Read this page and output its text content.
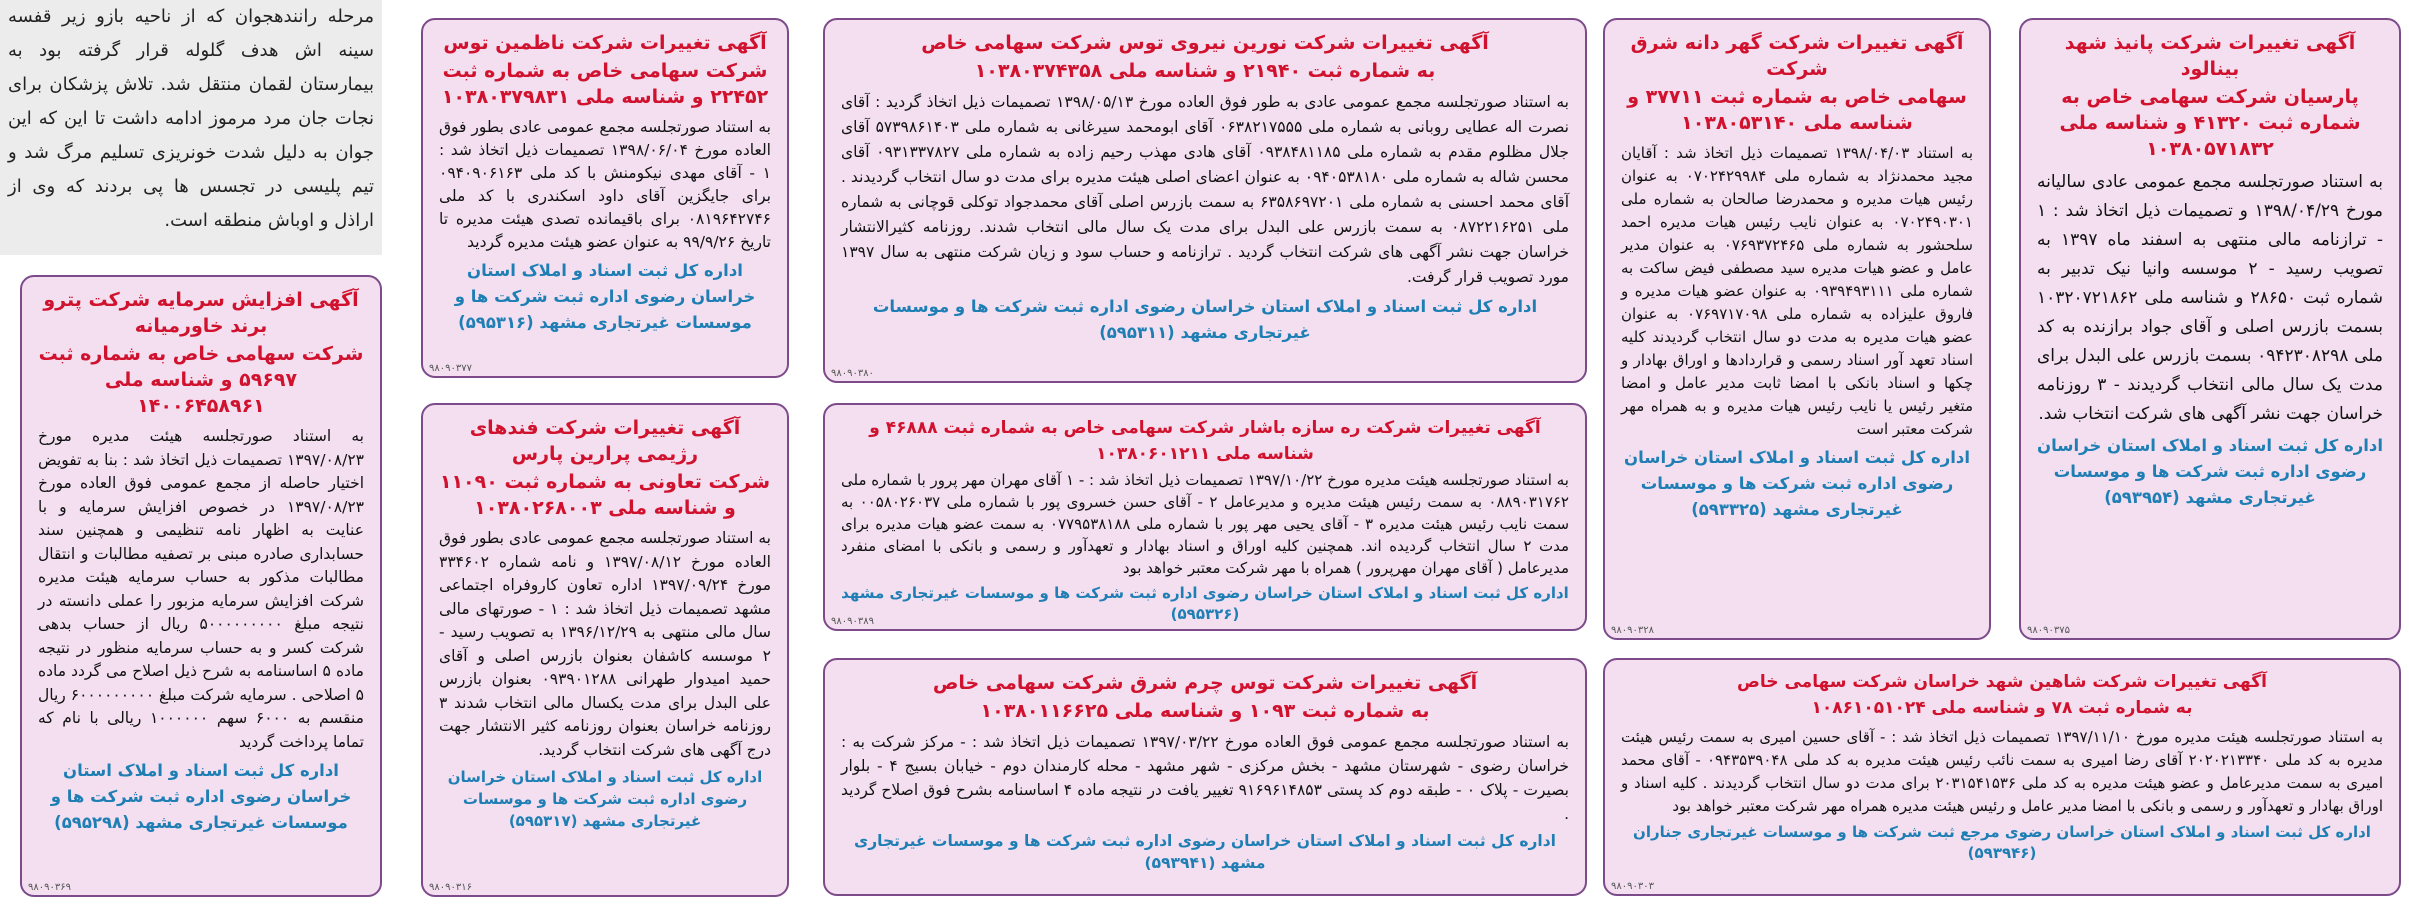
مرحله رانندهجوان که از ناحیه بازو زیر قفسه سینه اش هدف گلوله قرار گرفته بود به بیمارستان لقمان منتقل شد. تلاش پزشکان برای نجات جان مرد مرموز ادامه داشت تا این که این جوان به دلیل شدت خونریزی تسلیم مرگ شد و تیم پلیسی در تجسس ها پی بردند که وی از اراذل و اوباش منطقه است.

آگهی تغییرات شرکت پانیذ شهد بینالود

پارسیان شرکت سهامی خاص به شماره ثبت ۴۱۳۲۰ و شناسه ملی ۱۰۳۸۰۵۷۱۸۳۲

به استناد صورتجلسه مجمع عمومی عادی سالیانه مورخ ۱۳۹۸/۰۴/۲۹ و تصمیمات ذیل اتخاذ شد : ۱ - ترازنامه مالی منتهی به اسفند ماه ۱۳۹۷ به تصویب رسید - ۲ موسسه وانیا نیک تدبیر به شماره ثبت ۲۸۶۵۰ و شناسه ملی ۱۰۳۲۰۷۲۱۸۶۲ بسمت بازرس اصلی و آقای جواد برازنده به کد ملی ۰۹۴۲۳۰۸۲۹۸ بسمت بازرس علی البدل برای مدت یک سال مالی انتخاب گردیدند - ۳ روزنامه خراسان جهت نشر آگهی های شرکت انتخاب شد.

اداره کل ثبت اسناد و املاک استان خراسان رضوی اداره ثبت شرکت ها و موسسات غیرتجاری مشهد (۵۹۳۹۵۴)

۹۸۰۹۰۳۷۵
آگهی تغییرات شرکت گهر دانه شرق شرکت

سهامی خاص به شماره ثبت ۳۷۷۱۱ و شناسه ملی ۱۰۳۸۰۵۳۱۴۰

به استناد ۱۳۹۸/۰۴/۰۳ تصمیمات ذیل اتخاذ شد : آقایان مجید محمدنژاد به شماره ملی ۰۷۰۲۴۲۹۹۸۴ به عنوان رئیس هیات مدیره و محمدرضا صالحان به شماره ملی ۰۷۰۲۴۹۰۳۰۱ به عنوان نایب رئیس هیات مدیره احمد سلحشور به شماره ملی ۰۷۶۹۳۷۲۴۶۵ به عنوان مدیر عامل و عضو هیات مدیره سید مصطفی فیض ساکت به شماره ملی ۰۹۳۹۴۹۳۱۱۱ به عنوان عضو هیات مدیره و فاروق علیزاده به شماره ملی ۰۷۶۹۷۱۷۰۹۸ به عنوان عضو هیات مدیره به مدت دو سال انتخاب گردیدند کلیه اسناد تعهد آور اسناد رسمی و قراردادها و اوراق بهادار و چکها و اسناد بانکی با امضا ثابت مدیر عامل و امضا متغیر رئیس یا نایب رئیس هیات مدیره و به همراه مهر شرکت معتبر است

اداره کل ثبت اسناد و املاک استان خراسان رضوی اداره ثبت شرکت ها و موسسات غیرتجاری مشهد (۵۹۳۳۲۵)

۹۸۰۹۰۳۲۸
آگهی تغییرات شرکت نورین نیروی توس شرکت سهامی خاص

به شماره ثبت ۲۱۹۴۰ و شناسه ملی ۱۰۳۸۰۳۷۴۳۵۸

به استناد صورتجلسه مجمع عمومی عادی به طور فوق العاده مورخ ۱۳۹۸/۰۵/۱۳ تصمیمات ذیل اتخاذ گردید : آقای نصرت اله عطایی روبانی به شماره ملی ۰۶۳۸۲۱۷۵۵۵ آقای ابومحمد سیرغانی به شماره ملی ۵۷۳۹۸۶۱۴۰۳ آقای جلال مظلوم مقدم به شماره ملی ۰۹۳۸۴۸۱۱۸۵ آقای هادی مهذب رحیم زاده به شماره ملی ۰۹۳۱۳۳۷۸۲۷ آقای محسن شاله به شماره ملی ۰۹۴۰۵۳۸۱۸۰ به عنوان اعضای اصلی هیئت مدیره برای مدت دو سال انتخاب گردیدند . آقای محمد احسنی به شماره ملی ۶۳۵۸۶۹۷۲۰۱ به سمت بازرس اصلی آقای محمدجواد توکلی قوچانی به شماره ملی ۰۸۷۲۲۱۶۲۵۱ به سمت بازرس علی البدل برای مدت یک سال مالی انتخاب شدند. روزنامه کثیرالانتشار خراسان جهت نشر آگهی های شرکت انتخاب گردید . ترازنامه و حساب سود و زیان شرکت منتهی به سال ۱۳۹۷ مورد تصویب قرار گرفت.

اداره کل ثبت اسناد و املاک استان خراسان رضوی اداره ثبت شرکت ها و موسسات غیرتجاری مشهد (۵۹۵۳۱۱)

۹۸۰۹۰۳۸۰
آگهی تغییرات شرکت ناظمین توس

شرکت سهامی خاص به شماره ثبت ۲۲۴۵۲ و شناسه ملی ۱۰۳۸۰۳۷۹۸۳۱

به استناد صورتجلسه مجمع عمومی عادی بطور فوق العاده مورخ ۱۳۹۸/۰۶/۰۴ تصمیمات ذیل اتخاذ شد : ۱ - آقای مهدی نیکومنش با کد ملی ۰۹۴۰۹۰۶۱۶۳ برای جایگزین آقای داود اسکندری با کد ملی ۰۸۱۹۶۴۲۷۴۶ برای باقیمانده تصدی هیئت مدیره تا تاریخ ۹۹/۹/۲۶ به عنوان عضو هیئت مدیره گردید

اداره کل ثبت اسناد و املاک استان خراسان رضوی اداره ثبت شرکت ها و موسسات غیرتجاری مشهد (۵۹۵۳۱۶)

۹۸۰۹۰۳۷۷
آگهی افزایش سرمایه شرکت پترو برند خاورمیانه

شرکت سهامی خاص به شماره ثبت ۵۹۶۹۷ و شناسه ملی ۱۴۰۰۶۴۵۸۹۶۱

به استناد صورتجلسه هیئت مدیره مورخ ۱۳۹۷/۰۸/۲۳ تصمیمات ذیل اتخاذ شد : بنا به تفویض اختیار حاصله از مجمع عمومی فوق العاده مورخ ۱۳۹۷/۰۸/۲۳ در خصوص افزایش سرمایه و با عنایت به اظهار نامه تنظیمی و همچنین سند حسابداری صادره مبنی بر تصفیه مطالبات و انتقال مطالبات مذکور به حساب سرمایه هیئت مدیره شرکت افزایش سرمایه مزبور را عملی دانسته در نتیجه مبلغ ۵۰۰۰۰۰۰۰۰۰ ریال از حساب بدهی شرکت کسر و به حساب سرمایه منظور در نتیجه ماده ۵ اساسنامه به شرح ذیل اصلاح می گردد ماده ۵ اصلاحی . سرمایه شرکت مبلغ ۶۰۰۰۰۰۰۰۰۰ ریال منقسم به ۶۰۰۰ سهم ۱۰۰۰۰۰۰ ریالی با نام که تماما پرداخت گردید

اداره کل ثبت اسناد و املاک استان خراسان رضوی اداره ثبت شرکت ها و موسسات غیرتجاری مشهد (۵۹۵۲۹۸)

۹۸۰۹۰۳۶۹
آگهی تغییرات شرکت ره سازه باشار شرکت سهامی خاص به شماره ثبت ۴۶۸۸۸ و شناسه ملی ۱۰۳۸۰۶۰۱۲۱۱

به استناد صورتجلسه هیئت مدیره مورخ ۱۳۹۷/۱۰/۲۲ تصمیمات ذیل اتخاذ شد : - ۱ آقای مهران مهر پرور با شماره ملی ۰۸۸۹۰۳۱۷۶۲ به سمت رئیس هیئت مدیره و مدیرعامل ۲ - آقای حسن خسروی پور با شماره ملی ۰۰۵۸۰۲۶۰۳۷ به سمت نایب رئیس هیئت مدیره ۳ - آقای یحیی مهر پور با شماره ملی ۰۷۷۹۵۳۸۱۸۸ به سمت عضو هیات مدیره برای مدت ۲ سال انتخاب گردیده اند. همچنین کلیه اوراق و اسناد بهادار و تعهدآور و رسمی و بانکی با امضای منفرد مدیرعامل ( آقای مهران مهرپرور ) همراه با مهر شرکت معتبر خواهد بود

اداره کل ثبت اسناد و املاک استان خراسان رضوی اداره ثبت شرکت ها و موسسات غیرتجاری مشهد (۵۹۵۳۲۶)

۹۸۰۹۰۳۸۹
آگهی تغییرات شرکت فندهای رژیمی پرارین پارس

شرکت تعاونی به شماره ثبت ۱۱۰۹۰ و شناسه ملی ۱۰۳۸۰۲۶۸۰۰۳

به استناد صورتجلسه مجمع عمومی عادی بطور فوق العاده مورخ ۱۳۹۷/۰۸/۱۲ و نامه شماره ۳۳۴۶۰۲ مورخ ۱۳۹۷/۰۹/۲۴ اداره تعاون کاروفراه اجتماعی مشهد تصمیمات ذیل اتخاذ شد : ۱ - صورتهای مالی سال مالی منتهی به ۱۳۹۶/۱۲/۲۹ به تصویب رسید - ۲ موسسه کاشفان بعنوان بازرس اصلی و آقای حمید امیدوار طهرانی ۰۹۳۹۰۱۲۸۸ بعنوان بازرس علی البدل برای مدت یکسال مالی انتخاب شدند ۳ روزنامه خراسان بعنوان روزنامه کثیر الانتشار جهت درج آگهی های شرکت انتخاب گردید.

اداره کل ثبت اسناد و املاک استان خراسان رضوی اداره ثبت شرکت ها و موسسات غیرتجاری مشهد (۵۹۵۳۱۷)

۹۸۰۹۰۳۱۶
آگهی تغییرات شرکت توس چرم شرق شرکت سهامی خاص

به شماره ثبت ۱۰۹۳ و شناسه ملی ۱۰۳۸۰۱۱۶۶۲۵

به استناد صورتجلسه مجمع عمومی فوق العاده مورخ ۱۳۹۷/۰۳/۲۲ تصمیمات ذیل اتخاذ شد : - مرکز شرکت به : خراسان رضوی - شهرستان مشهد - بخش مرکزی - شهر مشهد - محله کارمندان دوم - خیابان بسیج ۴ - بلوار بصیرت - پلاک ۰ - طبقه دوم کد پستی ۹۱۶۹۶۱۴۸۵۳ تغییر یافت در نتیجه ماده ۴ اساسنامه بشرح فوق اصلاح گردید .

اداره کل ثبت اسناد و املاک استان خراسان رضوی اداره ثبت شرکت ها و موسسات غیرتجاری مشهد (۵۹۳۹۴۱)

آگهی تغییرات شرکت شاهین شهد خراسان شرکت سهامی خاص

به شماره ثبت ۷۸ و شناسه ملی ۱۰۸۶۱۰۵۱۰۲۴

به استناد صورتجلسه هیئت مدیره مورخ ۱۳۹۷/۱۱/۱۰ تصمیمات ذیل اتخاذ شد : - آقای حسین امیری به سمت رئیس هیئت مدیره به کد ملی ۲۰۲۰۲۱۳۳۴۰ آقای رضا امیری به سمت نائب رئیس هیئت مدیره به کد ملی ۰۹۴۳۵۳۹۰۴۸ - آقای محمد امیری به سمت مدیرعامل و عضو هیئت مدیره به کد ملی ۲۰۳۱۵۴۱۵۳۶ برای مدت دو سال انتخاب گردیدند . کلیه اسناد و اوراق بهادار و تعهدآور و رسمی و بانکی با امضا مدیر عامل و رئیس هیئت مدیره همراه مهر شرکت معتبر خواهد بود

اداره کل ثبت اسناد و املاک استان خراسان رضوی مرجع ثبت شرکت ها و موسسات غیرتجاری جناران (۵۹۳۹۴۶)

۹۸۰۹۰۳۰۳
